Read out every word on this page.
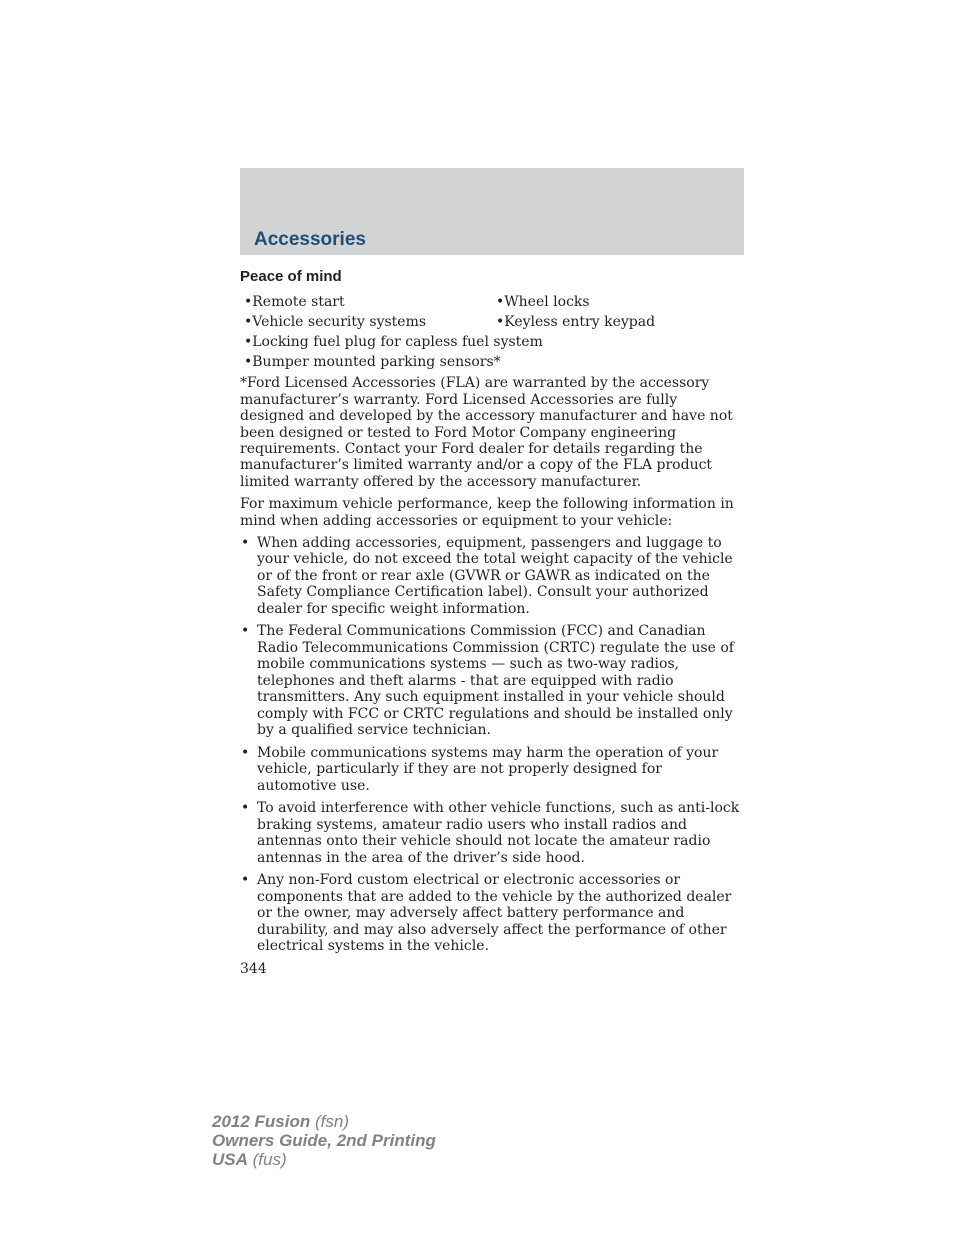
Accessories
Peace of mind
•Remote start	•Wheel locks
•Vehicle security systems	•Keyless entry keypad
•Locking fuel plug for capless fuel system
•Bumper mounted parking sensors*

*Ford Licensed Accessories (FLA) are warranted by the accessory manufacturer’s warranty. Ford Licensed Accessories are fully designed and developed by the accessory manufacturer and have not been designed or tested to Ford Motor Company engineering requirements. Contact your Ford dealer for details regarding the manufacturer’s limited warranty and/or a copy of the FLA product limited warranty offered by the accessory manufacturer.

For maximum vehicle performance, keep the following information in mind when adding accessories or equipment to your vehicle:

• When adding accessories, equipment, passengers and luggage to your vehicle, do not exceed the total weight capacity of the vehicle or of the front or rear axle (GVWR or GAWR as indicated on the Safety Compliance Certification label). Consult your authorized dealer for specific weight information.
• The Federal Communications Commission (FCC) and Canadian Radio Telecommunications Commission (CRTC) regulate the use of mobile communications systems — such as two-way radios, telephones and theft alarms - that are equipped with radio transmitters. Any such equipment installed in your vehicle should comply with FCC or CRTC regulations and should be installed only by a qualified service technician.
• Mobile communications systems may harm the operation of your vehicle, particularly if they are not properly designed for automotive use.
• To avoid interference with other vehicle functions, such as anti-lock braking systems, amateur radio users who install radios and antennas onto their vehicle should not locate the amateur radio antennas in the area of the driver’s side hood.
• Any non-Ford custom electrical or electronic accessories or components that are added to the vehicle by the authorized dealer or the owner, may adversely affect battery performance and durability, and may also adversely affect the performance of other electrical systems in the vehicle.
344
2012 Fusion (fsn)
Owners Guide, 2nd Printing
USA (fus)
